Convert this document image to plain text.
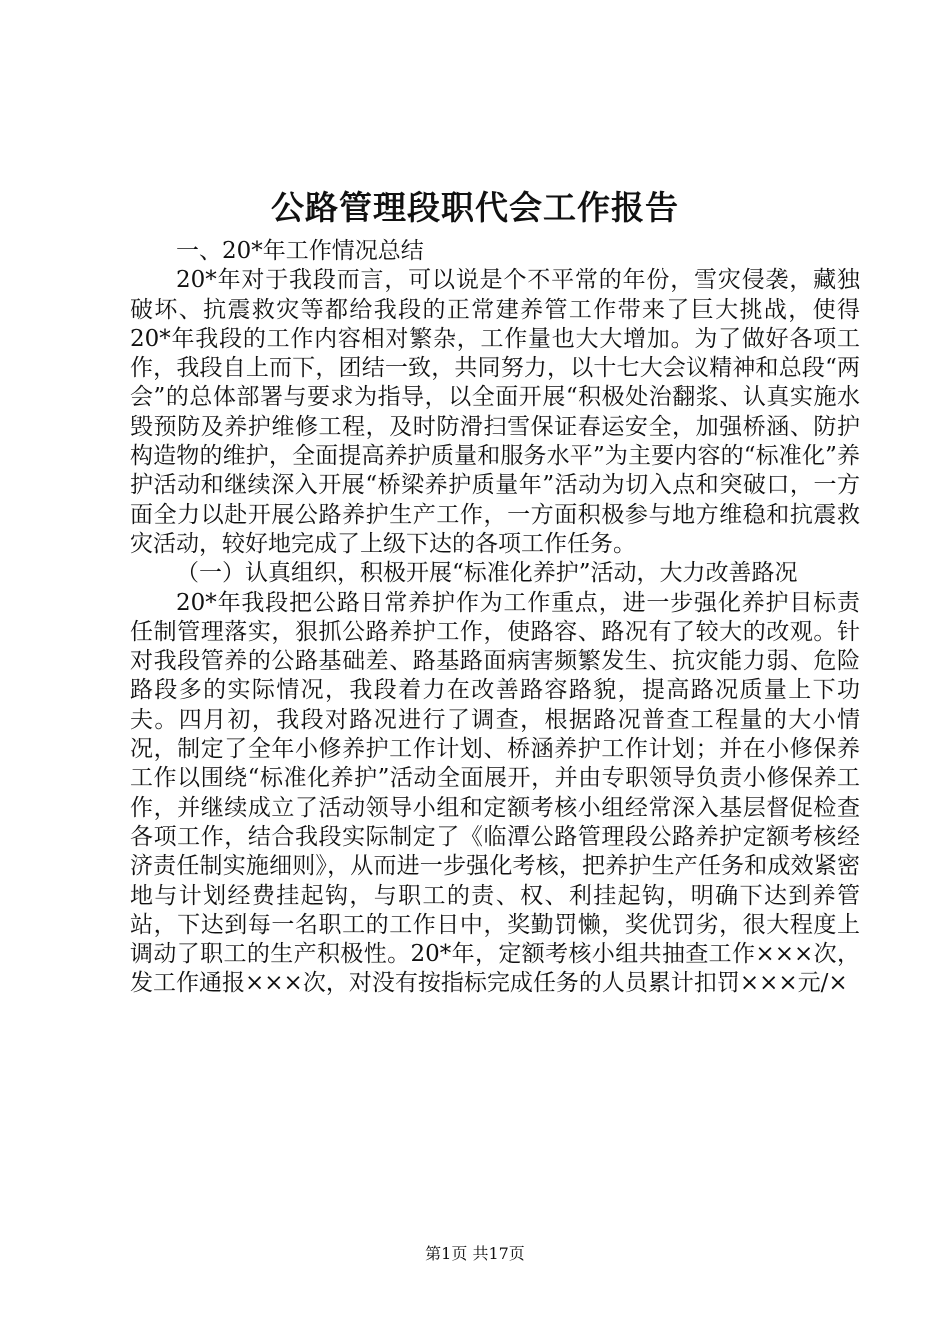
公路管理段职代会工作报告

一、20*年工作情况总结

20*年对于我段而言，可以说是个不平常的年份，雪灾侵袭，藏独破坏、抗震救灾等都给我段的正常建养管工作带来了巨大挑战，使得20*年我段的工作内容相对繁杂，工作量也大大增加。为了做好各项工作，我段自上而下，团结一致，共同努力，以十七大会议精神和总段“两会”的总体部署与要求为指导，以全面开展“积极处治翻浆、认真实施水毁预防及养护维修工程，及时防滑扫雪保证春运安全，加强桥涵、防护构造物的维护，全面提高养护质量和服务水平”为主要内容的“标准化”养护活动和继续深入开展“桥梁养护质量年”活动为切入点和突破口，一方面全力以赴开展公路养护生产工作，一方面积极参与地方维稳和抗震救灾活动，较好地完成了上级下达的各项工作任务。

（一）认真组织，积极开展“标准化养护”活动，大力改善路况

20*年我段把公路日常养护作为工作重点，进一步强化养护目标责任制管理落实，狠抓公路养护工作，使路容、路况有了较大的改观。针对我段管养的公路基础差、路基路面病害频繁发生、抗灾能力弱、危险路段多的实际情况，我段着力在改善路容路貌，提高路况质量上下功夫。四月初，我段对路况进行了调查，根据路况普查工程量的大小情况，制定了全年小修养护工作计划、桥涵养护工作计划；并在小修保养工作以围绕“标准化养护”活动全面展开，并由专职领导负责小修保养工作，并继续成立了活动领导小组和定额考核小组经常深入基层督促检查各项工作，结合我段实际制定了《临潭公路管理段公路养护定额考核经济责任制实施细则》，从而进一步强化考核，把养护生产任务和成效紧密地与计划经费挂起钩，与职工的责、权、利挂起钩，明确下达到养管站，下达到每一名职工的工作日中，奖勤罚懒，奖优罚劣，很大程度上调动了职工的生产积极性。20*年，定额考核小组共抽查工作×××次，发工作通报×××次，对没有按指标完成任务的人员累计扣罚×××元/×

第1页 共17页
